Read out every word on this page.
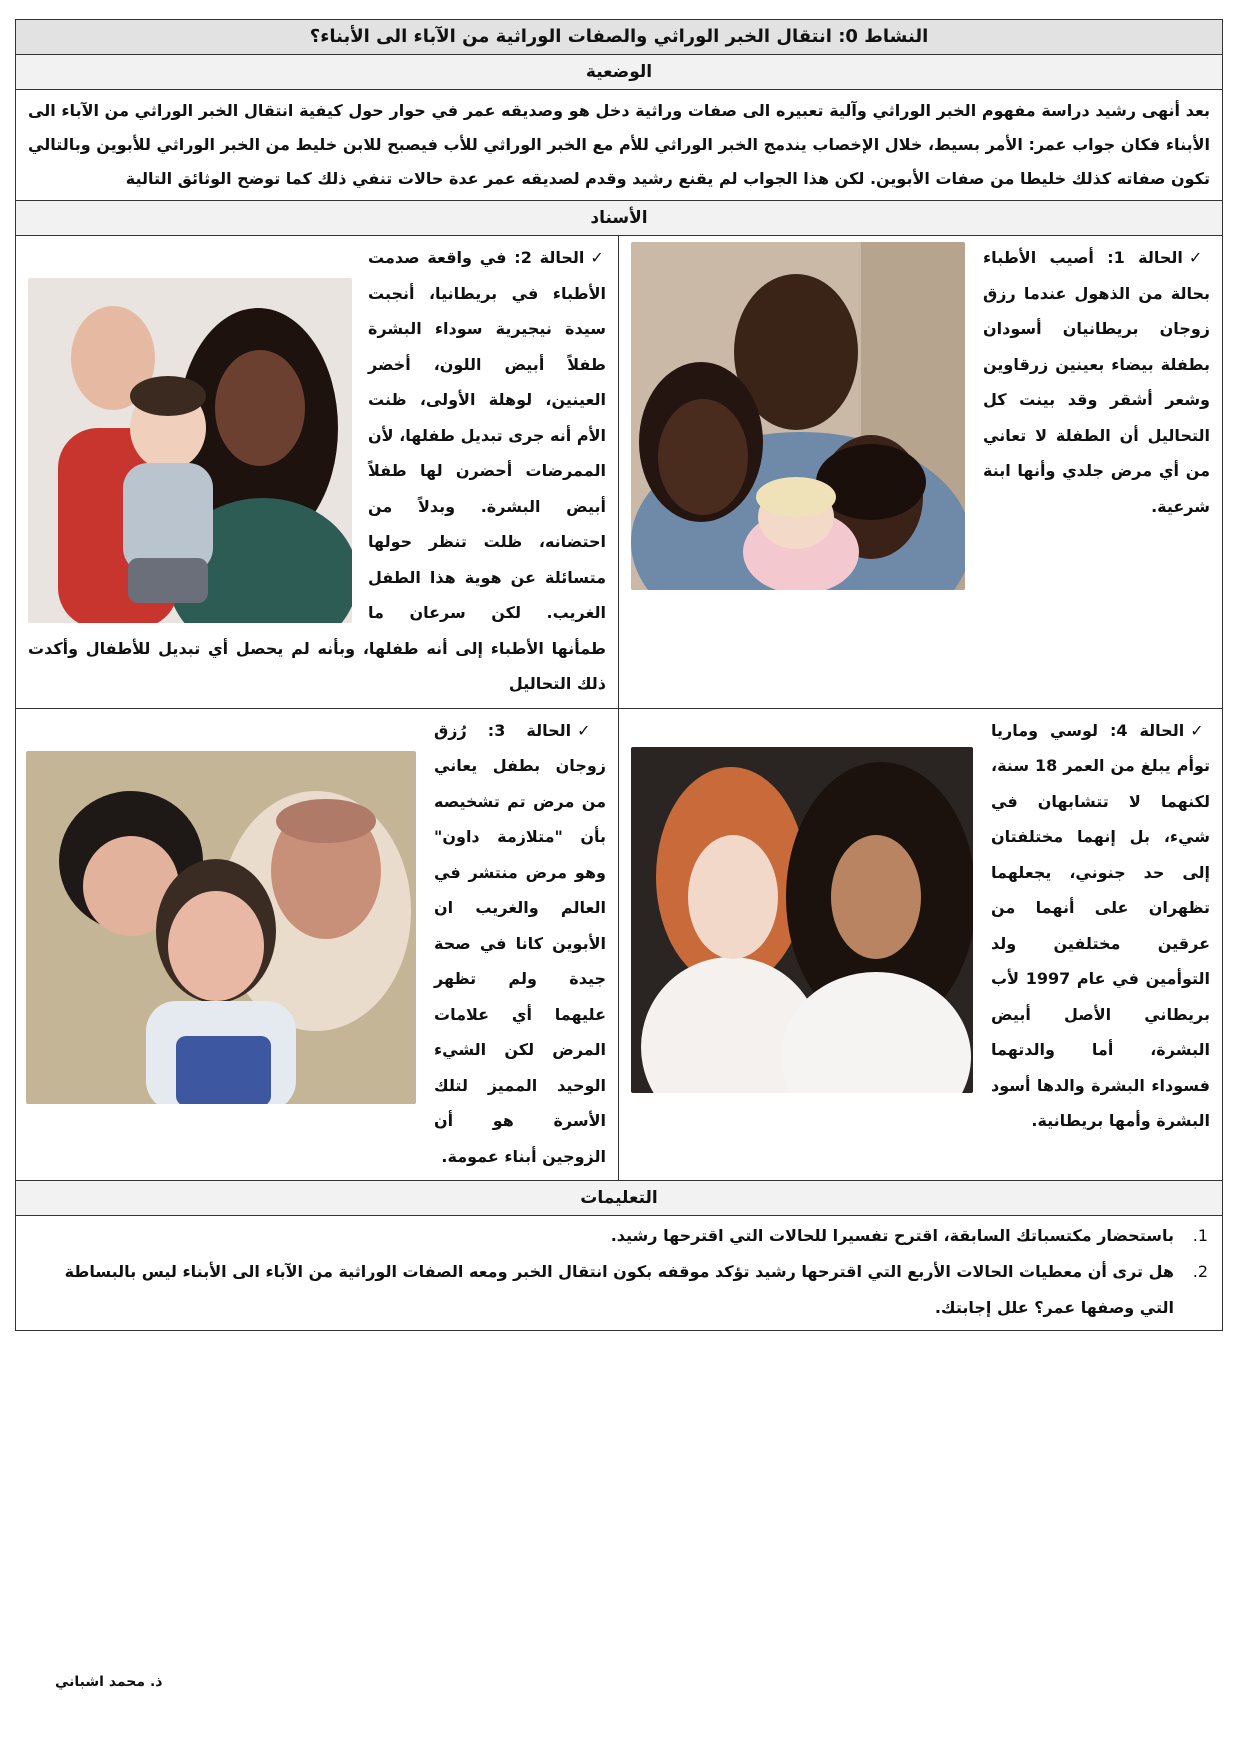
النشاط 0: انتقال الخبر الوراثي والصفات الوراثية من الآباء الى الأبناء؟
الوضعية
بعد أنهى رشيد دراسة مفهوم الخبر الوراثي وآلية تعبيره الى صفات وراثية دخل هو وصديقه عمر في حوار حول كيفية انتقال الخبر الوراثي من الآباء الى الأبناء فكان جواب عمر: الأمر بسيط، خلال الإخصاب يندمج الخبر الوراثي للأم مع الخبر الوراثي للأب فيصبح للابن خليط من الخبر الوراثي للأبوين وبالتالي تكون صفاته كذلك خليطا من صفات الأبوين. لكن هذا الجواب لم يقنع رشيد وقدم لصديقه عمر عدة حالات تنفي ذلك كما توضح الوثائق التالية
الأسناد

✓الحالة 1: أصيب الأطباء بحالة من الذهول عندما رزق زوجان بريطانيان أسودان بطفلة بيضاء بعينين زرقاوين وشعر أشقر وقد بينت كل التحاليل أن الطفلة لا تعاني من أي مرض جلدي وأنها ابنة شرعية.

✓الحالة 2: في واقعة صدمت الأطباء في بريطانيا، أنجبت سيدة نيجيرية سوداء البشرة طفلاً أبيض اللون، أخضر العينين، لوهلة الأولى، ظنت الأم أنه جرى تبديل طفلها، لأن الممرضات أحضرن لها طفلاً أبيض البشرة. وبدلاً من احتضانه، ظلت تنظر حولها متسائلة عن هوية هذا الطفل الغريب. لكن سرعان ما طمأنها الأطباء إلى أنه طفلها، وبأنه لم يحصل أي تبديل للأطفال وأكدت ذلك التحاليل

✓الحالة 4: لوسي وماريا توأم يبلغ من العمر 18 سنة، لكنهما لا تتشابهان في شيء، بل إنهما مختلفتان إلى حد جنوني، يجعلهما تظهران على أنهما من عرقين مختلفين ولد التوأمين في عام 1997 لأب بريطاني الأصل أبيض البشرة، أما والدتهما فسوداء البشرة والدها أسود البشرة وأمها بريطانية.

✓الحالة 3: رُزق زوجان بطفل يعاني من مرض تم تشخيصه بأن "متلازمة داون" وهو مرض منتشر في العالم والغريب ان الأبوين كانا في صحة جيدة ولم تظهر عليهما أي علامات المرض لكن الشيء الوحيد المميز لتلك الأسرة هو أن الزوجين أبناء عمومة.

التعليمات
1.
باستحضار مكتسباتك السابقة، اقترح تفسيرا للحالات التي اقترحها رشيد.
2.
هل ترى أن معطيات الحالات الأربع التي اقترحها رشيد تؤكد موقفه بكون انتقال الخبر ومعه الصفات الوراثية من الآباء الى الأبناء ليس بالبساطة التي وصفها عمر؟ علل إجابتك.
ذ. محمد اشباني
